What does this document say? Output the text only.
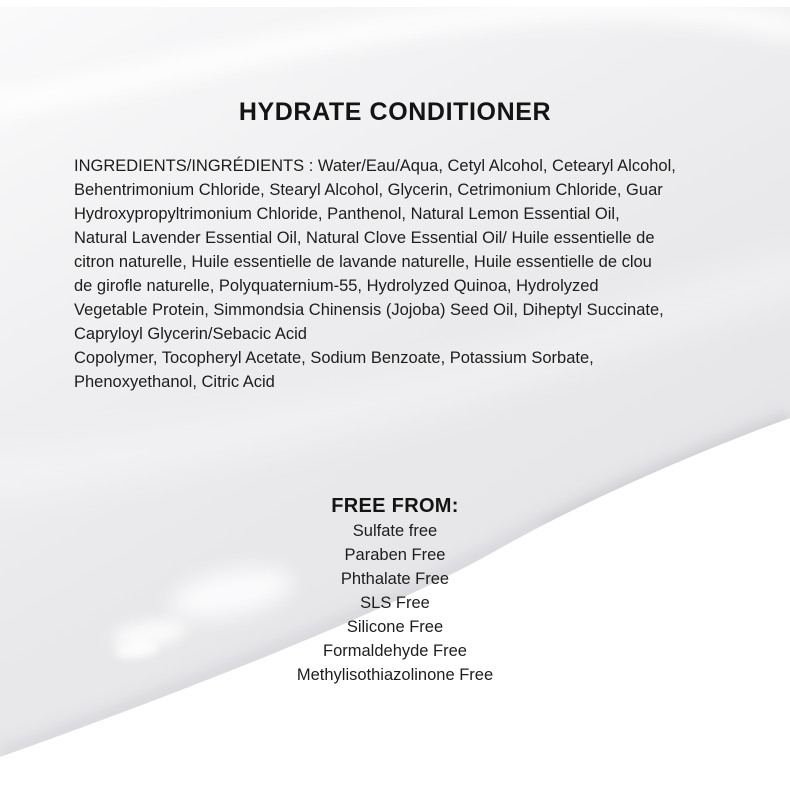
HYDRATE CONDITIONER
INGREDIENTS/INGRÉDIENTS : Water/Eau/Aqua, Cetyl Alcohol, Cetearyl Alcohol,
Behentrimonium Chloride, Stearyl Alcohol, Glycerin, Cetrimonium Chloride, Guar
Hydroxypropyltrimonium Chloride, Panthenol, Natural Lemon Essential Oil,
Natural Lavender Essential Oil, Natural Clove Essential Oil/ Huile essentielle de
citron naturelle, Huile essentielle de lavande naturelle, Huile essentielle de clou
de girofle naturelle, Polyquaternium-55, Hydrolyzed Quinoa, Hydrolyzed
Vegetable Protein, Simmondsia Chinensis (Jojoba) Seed Oil, Diheptyl Succinate,
Capryloyl Glycerin/Sebacic Acid
Copolymer, Tocopheryl Acetate, Sodium Benzoate, Potassium Sorbate,
Phenoxyethanol, Citric Acid
FREE FROM:
Sulfate free
Paraben Free
Phthalate Free
SLS Free
Silicone Free
Formaldehyde Free
Methylisothiazolinone Free
